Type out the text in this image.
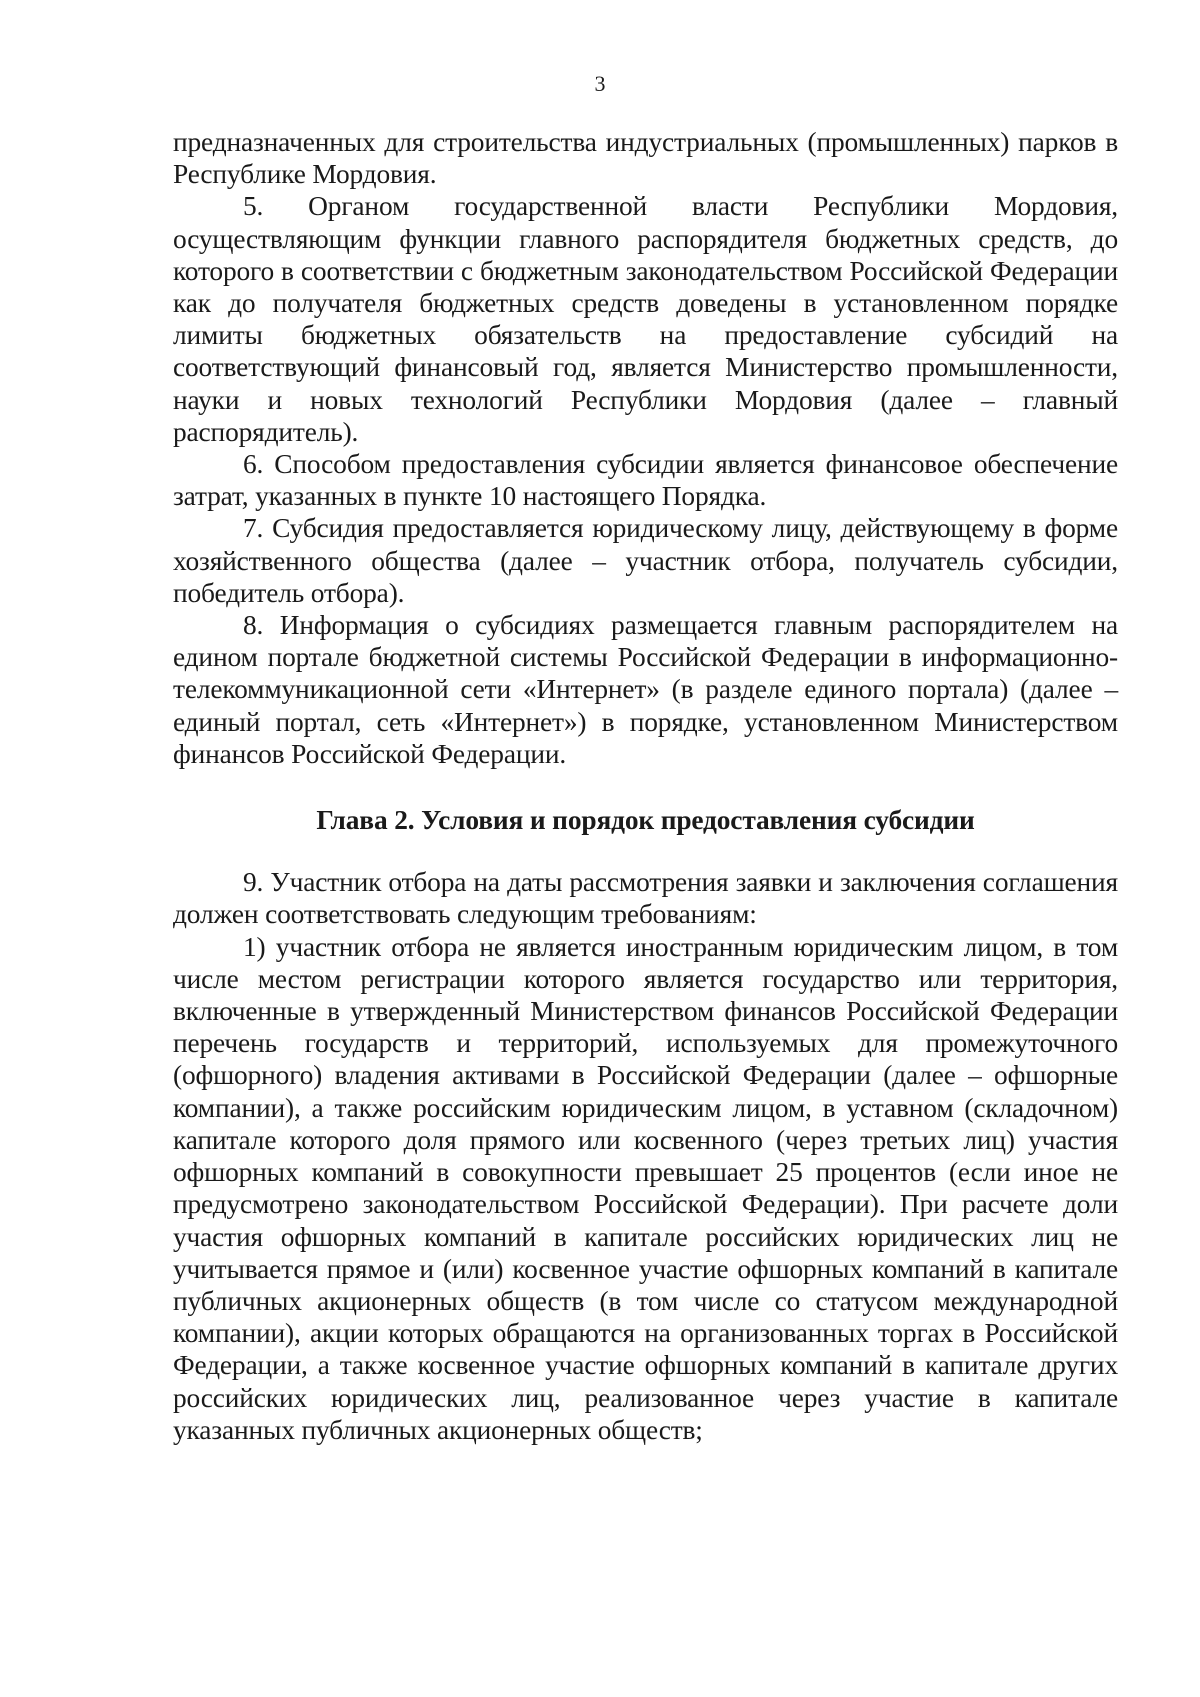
3

предназначенных для строительства индустриальных (промышленных) парков в Республике Мордовия.

5. Органом государственной власти Республики Мордовия, осуществляющим функции главного распорядителя бюджетных средств, до которого в соответствии с бюджетным законодательством Российской Федерации как до получателя бюджетных средств доведены в установленном порядке лимиты бюджетных обязательств на предоставление субсидий на соответствующий финансовый год, является Министерство промышленности, науки и новых технологий Республики Мордовия (далее – главный распорядитель).

6. Способом предоставления субсидии является финансовое обеспечение затрат, указанных в пункте 10 настоящего Порядка.

7. Субсидия предоставляется юридическому лицу, действующему в форме хозяйственного общества (далее – участник отбора, получатель субсидии, победитель отбора).

8. Информация о субсидиях размещается главным распорядителем на едином портале бюджетной системы Российской Федерации в информационно-телекоммуникационной сети «Интернет» (в разделе единого портала) (далее – единый портал, сеть «Интернет») в порядке, установленном Министерством финансов Российской Федерации.

Глава 2. Условия и порядок предоставления субсидии

9. Участник отбора на даты рассмотрения заявки и заключения соглашения должен соответствовать следующим требованиям:

1) участник отбора не является иностранным юридическим лицом, в том числе местом регистрации которого является государство или территория, включенные в утвержденный Министерством финансов Российской Федерации перечень государств и территорий, используемых для промежуточного (офшорного) владения активами в Российской Федерации (далее – офшорные компании), а также российским юридическим лицом, в уставном (складочном) капитале которого доля прямого или косвенного (через третьих лиц) участия офшорных компаний в совокупности превышает 25 процентов (если иное не предусмотрено законодательством Российской Федерации). При расчете доли участия офшорных компаний в капитале российских юридических лиц не учитывается прямое и (или) косвенное участие офшорных компаний в капитале публичных акционерных обществ (в том числе со статусом международной компании), акции которых обращаются на организованных торгах в Российской Федерации, а также косвенное участие офшорных компаний в капитале других российских юридических лиц, реализованное через участие в капитале указанных публичных акционерных обществ;
